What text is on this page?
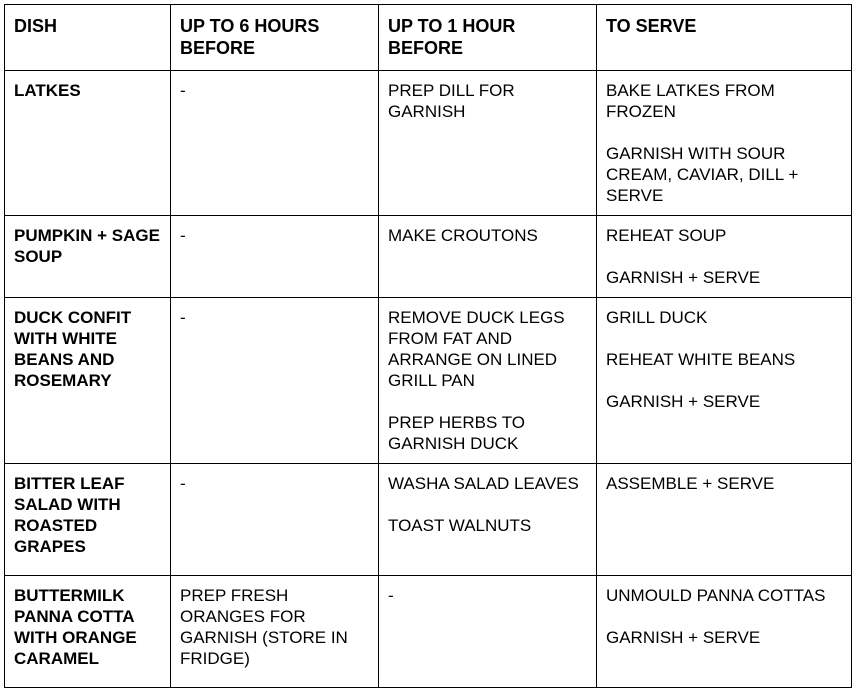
DISH	UP TO 6 HOURS BEFORE	UP TO 1 HOUR BEFORE	TO SERVE
LATKES	-	PREP DILL FOR GARNISH	BAKE LATKES FROM FROZEN
GARNISH WITH SOUR CREAM, CAVIAR, DILL + SERVE

PUMPKIN + SAGE SOUP	-	MAKE CROUTONS	REHEAT SOUP
GARNISH + SERVE

DUCK CONFIT WITH WHITE BEANS AND ROSEMARY	-	REMOVE DUCK LEGS FROM FAT AND ARRANGE ON LINED GRILL PAN
PREP HERBS TO GARNISH DUCK	GRILL DUCK
REHEAT WHITE BEANS
GARNISH + SERVE

BITTER LEAF SALAD WITH ROASTED GRAPES	-	WASHA SALAD LEAVES
TOAST WALNUTS	ASSEMBLE + SERVE

BUTTERMILK PANNA COTTA WITH ORANGE CARAMEL	PREP FRESH ORANGES FOR GARNISH (STORE IN FRIDGE)	-	UNMOULD PANNA COTTAS
GARNISH + SERVE
